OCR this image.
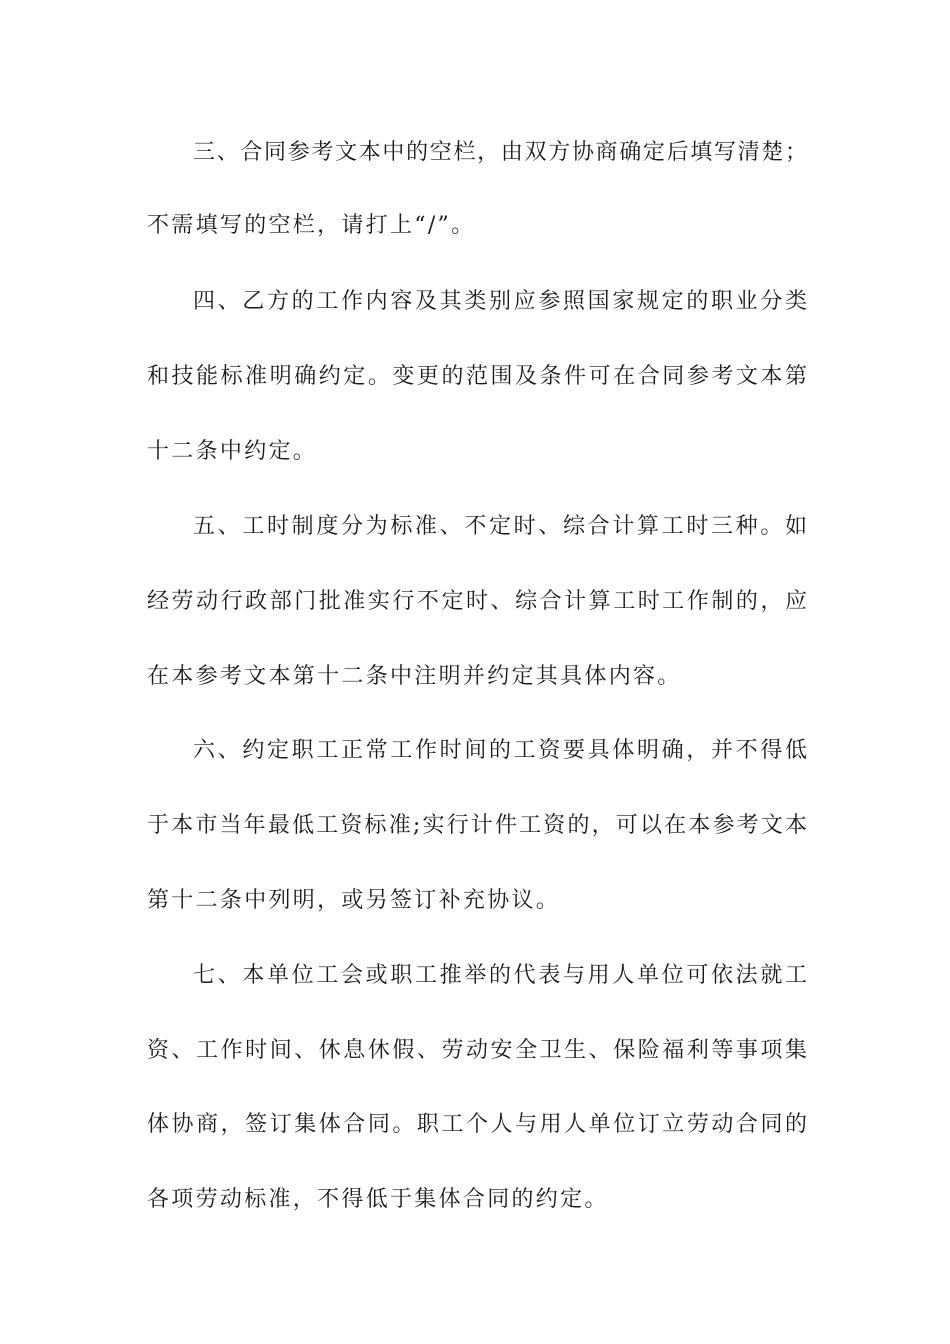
三、合同参考文本中的空栏，由双方协商确定后填写清楚；
不需填写的空栏，请打上“/”。
四、乙方的工作内容及其类别应参照国家规定的职业分类
和技能标准明确约定。变更的范围及条件可在合同参考文本第
十二条中约定。
五、工时制度分为标准、不定时、综合计算工时三种。如
经劳动行政部门批准实行不定时、综合计算工时工作制的，应
在本参考文本第十二条中注明并约定其具体内容。
六、约定职工正常工作时间的工资要具体明确，并不得低
于本市当年最低工资标准;实行计件工资的，可以在本参考文本
第十二条中列明，或另签订补充协议。
七、本单位工会或职工推举的代表与用人单位可依法就工
资、工作时间、休息休假、劳动安全卫生、保险福利等事项集
体协商，签订集体合同。职工个人与用人单位订立劳动合同的
各项劳动标准，不得低于集体合同的约定。
